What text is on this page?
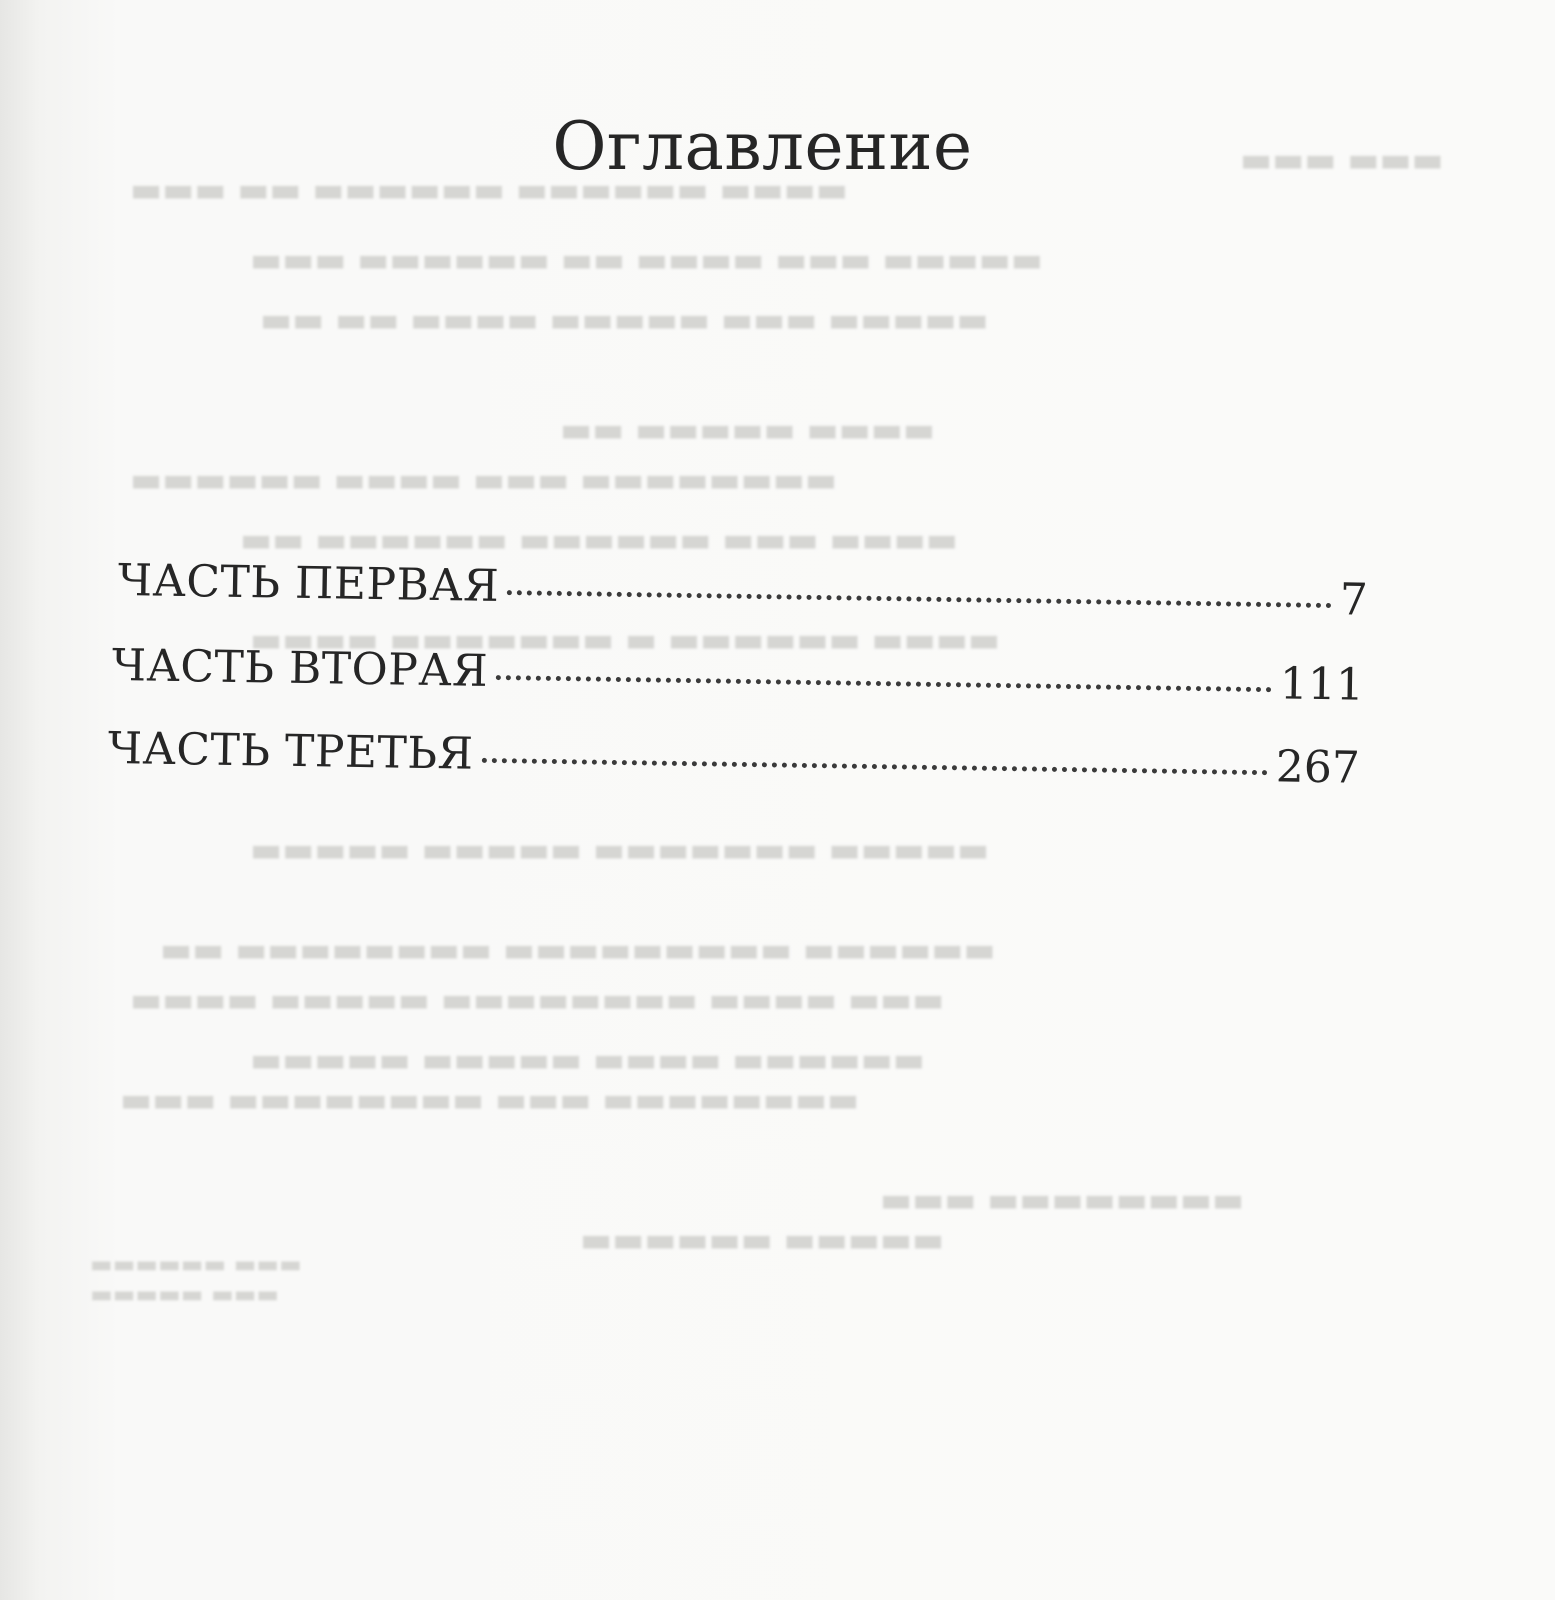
▬▬▬ ▬▬▬
▬▬▬▬ ▬▬▬▬▬▬ ▬▬▬▬▬▬ ▬▬ ▬▬▬
▬▬▬▬▬ ▬▬▬ ▬▬▬▬ ▬▬ ▬▬▬▬▬▬ ▬▬▬
▬▬▬▬▬ ▬▬▬ ▬▬▬▬▬ ▬▬▬▬ ▬▬ ▬▬
▬▬▬▬ ▬▬▬▬▬ ▬▬
▬▬▬▬▬▬▬▬ ▬▬▬ ▬▬▬▬ ▬▬▬▬▬▬
▬▬▬▬ ▬▬▬ ▬▬▬▬▬▬ ▬▬▬▬▬▬ ▬▬
▬▬▬▬ ▬▬▬▬▬▬ ▬ ▬▬▬▬▬▬▬ ▬▬▬▬
▬▬▬▬▬ ▬▬▬▬▬▬▬ ▬▬▬▬▬ ▬▬▬▬▬
▬▬▬▬▬▬ ▬▬▬▬▬▬▬▬▬ ▬▬▬▬▬▬▬▬ ▬▬
▬▬▬ ▬▬▬▬ ▬▬▬▬▬▬▬▬ ▬▬▬▬▬ ▬▬▬▬
▬▬▬▬▬▬ ▬▬▬▬ ▬▬▬▬▬ ▬▬▬▬▬
▬▬▬▬▬▬▬▬ ▬▬▬ ▬▬▬▬▬▬▬▬ ▬▬▬
▬▬▬▬▬▬▬▬ ▬▬▬
▬▬▬▬▬ ▬▬▬▬▬▬
▬▬▬ ▬▬▬▬▬▬
▬▬▬ ▬▬▬▬▬
Оглавление
ЧАСТЬ ПЕРВАЯ	7
ЧАСТЬ ВТОРАЯ	111
ЧАСТЬ ТРЕТЬЯ	267
